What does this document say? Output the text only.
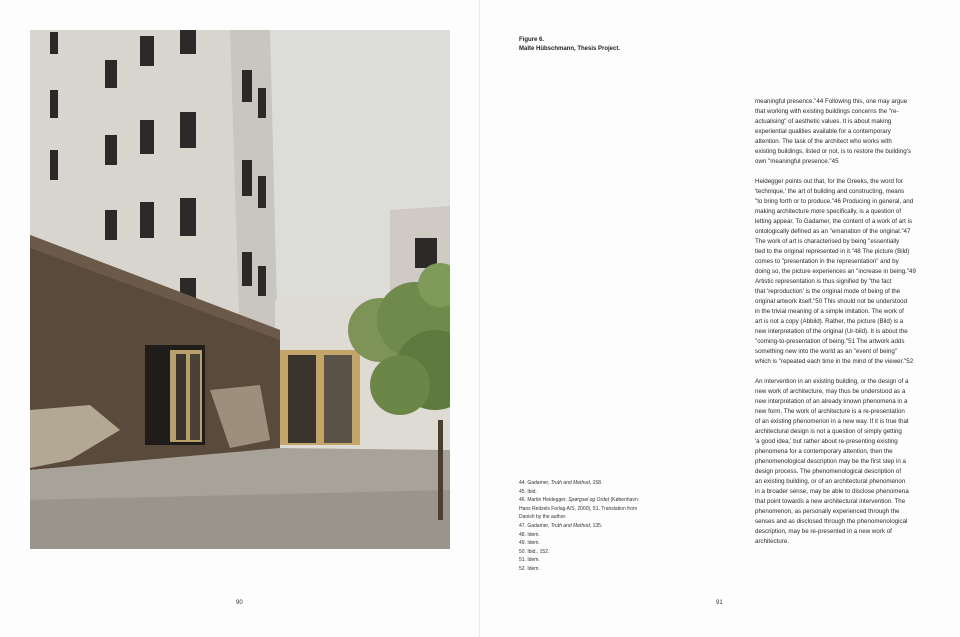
90
Figure 6.
Malte Hübschmann, Thesis Project.
44. Gadamer, Truth and Method, 158.
45. Ibid.
46. Martin Heidegger, Spørgsel og Ordet (København:
Hans Reitzels Forlag A/S, 2000), 51. Translation from
Danish by the author.
47. Gadamer, Truth and Method, 135.
48. Idem.
49. Idem.
50. Ibid., 152.
51. Idem.
52. Idem.
meaningful presence."44 Following this, one may argue
that working with existing buildings concerns the "re-
actualising" of aesthetic values. It is about making
experiential qualities available for a contemporary
attention. The task of the architect who works with
existing buildings, listed or not, is to restore the building's
own "meaningful presence."45
Heidegger points out that, for the Greeks, the word for
'technique,' the art of building and constructing, means
"to bring forth or to produce."46 Producing in general, and
making architecture more specifically, is a question of
letting appear. To Gadamer, the content of a work of art is
ontologically defined as an "emanation of the original."47
The work of art is characterised by being "essentially
tied to the original represented in it."48 The picture (Bild)
comes to "presentation in the representation" and by
doing so, the picture experiences an "increase in being."49
Artistic representation is thus signified by "the fact
that 'reproduction' is the original mode of being of the
original artwork itself."50 This should not be understood
in the trivial meaning of a simple imitation. The work of
art is not a copy (Abbild). Rather, the picture (Bild) is a
new interpretation of the original (Ur-bild). It is about the
"coming-to-presentation of being."51 The artwork adds
something new into the world as an "event of being"
which is "repeated each time in the mind of the viewer."52
An intervention in an existing building, or the design of a
new work of architecture, may thus be understood as a
new interpretation of an already known phenomena in a
new form. The work of architecture is a re-presentation
of an existing phenomenon in a new way. If it is true that
architectural design is not a question of simply getting
'a good idea,' but rather about re-presenting existing
phenomena for a contemporary attention, then the
phenomenological description may be the first step in a
design process. The phenomenological description of
an existing building, or of an architectural phenomenon
in a broader sense, may be able to disclose phenomena
that point towards a new architectural intervention. The
phenomenon, as personally experienced through the
senses and as disclosed through the phenomenological
description, may be re-presented in a new work of
architecture.
91
